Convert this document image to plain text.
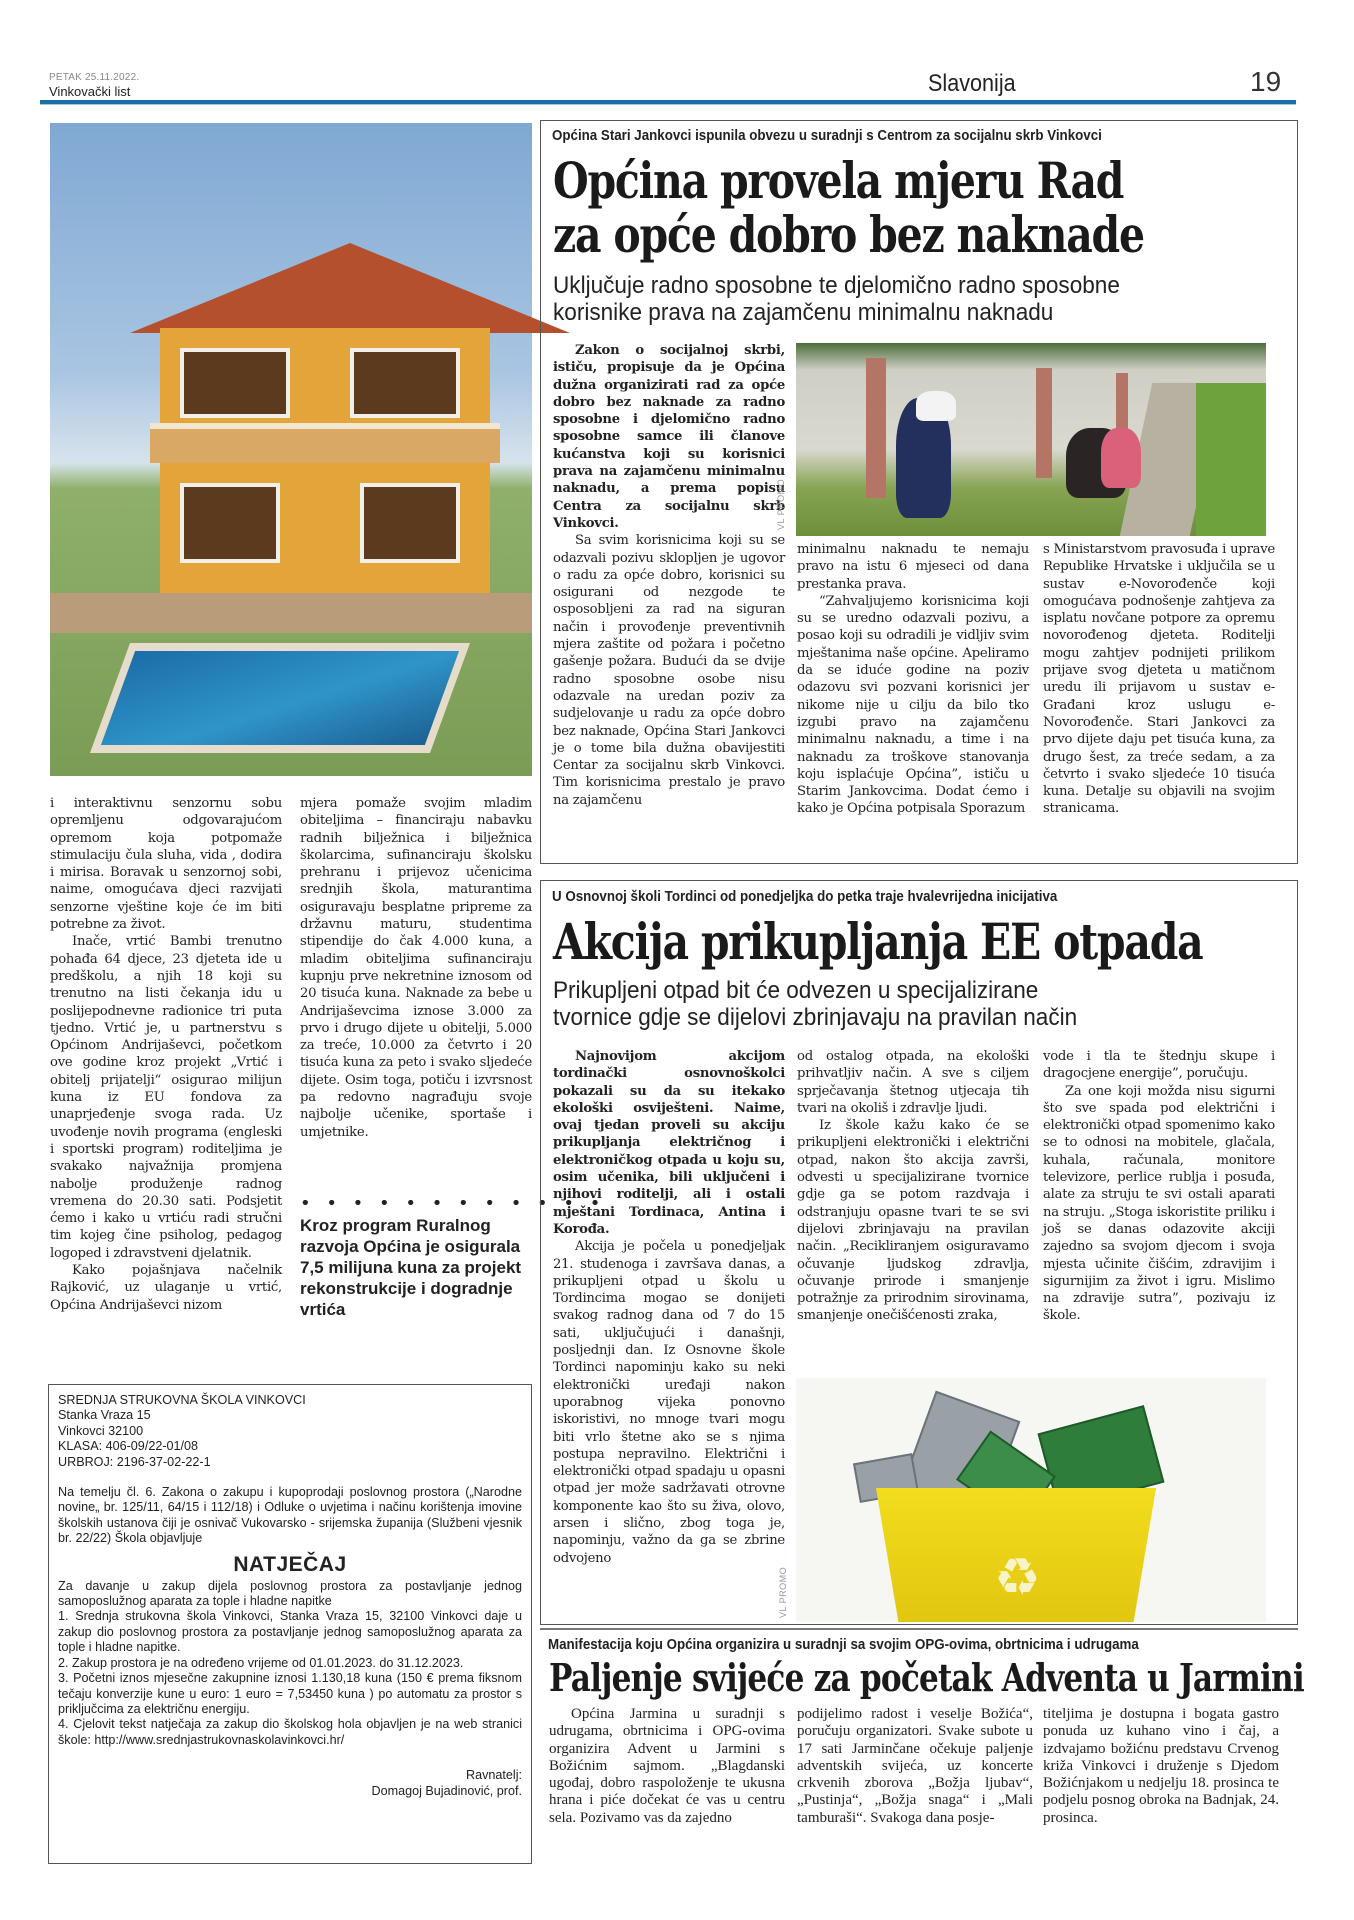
PETAK 25.11.2022.
Vinkovački list	Slavonija	19

i interaktivnu senzornu sobu opremljenu odgovarajućom opremom koja potpomaže stimulaciju čula sluha, vida , dodira i mirisa. Boravak u senzornoj sobi, naime, omogućava djeci razvijati senzorne vještine koje će im biti potrebne za život.

Inače, vrtić Bambi trenutno pohađa 64 djece, 23 djeteta ide u predškolu, a njih 18 koji su trenutno na listi čekanja idu u poslijepodnevne radionice tri puta tjedno. Vrtić je, u partnerstvu s Općinom Andrijaševci, početkom ove godine kroz projekt „Vrtić i obitelj prijatelji“ osigurao milijun kuna iz EU fondova za unaprjeđenje svoga rada. Uz uvođenje novih programa (engleski i sportski program) roditeljima je svakako najvažnija promjena nabolje produženje radnog vremena do 20.30 sati. Podsjetit ćemo i kako u vrtiću radi stručni tim kojeg čine psiholog, pedagog logoped i zdravstveni djelatnik.

Kako pojašnjava načelnik Rajković, uz ulaganje u vrtić, Općina Andrijaševci nizom

mjera pomaže svojim mladim obiteljima – financiraju nabavku radnih bilježnica i bilježnica školarcima, sufinanciraju školsku prehranu i prijevoz učenicima srednjih škola, maturantima osiguravaju besplatne pripreme za državnu maturu, studentima stipendije do čak 4.000 kuna, a mladim obiteljima sufinanciraju kupnju prve nekretnine iznosom od 20 tisuća kuna. Naknade za bebe u Andrijaševcima iznose 3.000 za prvo i drugo dijete u obitelji, 5.000 za treće, 10.000 za četvrto i 20 tisuća kuna za peto i svako sljedeće dijete. Osim toga, potiču i izvrsnost pa redovno nagrađuju svoje najbolje učenike, sportaše i umjetnike.

• • • • • • • • • • • •
Kroz program Ruralnog razvoja Općina je osigurala 7,5 milijuna kuna za projekt rekonstrukcije i dogradnje vrtića
Općina Stari Jankovci ispunila obvezu u suradnji s Centrom za socijalnu skrb Vinkovci
Općina provela mjeru Rad
za opće dobro bez naknade
Uključuje radno sposobne te djelomično radno sposobne
korisnike prava na zajamčenu minimalnu naknadu

Zakon o socijalnoj skrbi, ističu, propisuje da je Općina dužna organizirati rad za opće dobro bez naknade za radno sposobne i djelomično radno sposobne samce ili članove kućanstva koji su korisnici prava na zajamčenu minimalnu naknadu, a prema popisu Centra za socijalnu skrb Vinkovci.

Sa svim korisnicima koji su se odazvali pozivu sklopljen je ugovor o radu za opće dobro, korisnici su osigurani od nezgode te osposobljeni za rad na siguran način i provođenje preventivnih mjera zaštite od požara i početno gašenje požara. Budući da se dvije radno sposobne osobe nisu odazvale na uredan poziv za sudjelovanje u radu za opće dobro bez naknade, Općina Stari Jankovci je o tome bila dužna obavijestiti Centar za socijalnu skrb Vinkovci. Tim korisnicima prestalo je pravo na zajamčenu

VL PROMO

minimalnu naknadu te nemaju pravo na istu 6 mjeseci od dana prestanka prava.

“Zahvaljujemo korisnicima koji su se uredno odazvali pozivu, a posao koji su odradili je vidljiv svim mještanima naše općine. Apeliramo da se iduće godine na poziv odazovu svi pozvani korisnici jer nikome nije u cilju da bilo tko izgubi pravo na zajamčenu minimalnu naknadu, a time i na naknadu za troškove stanovanja koju isplaćuje Općina”, ističu u Starim Jankovcima. Dodat ćemo i kako je Općina potpisala Sporazum

s Ministarstvom pravosuđa i uprave Republike Hrvatske i uključila se u sustav e-Novorođenče koji omogućava podnošenje zahtjeva za isplatu novčane potpore za opremu novorođenog djeteta. Roditelji mogu zahtjev podnijeti prilikom prijave svog djeteta u matičnom uredu ili prijavom u sustav e-Građani kroz uslugu e-Novorođenče. Stari Jankovci za prvo dijete daju pet tisuća kuna, za drugo šest, za treće sedam, a za četvrto i svako sljedeće 10 tisuća kuna. Detalje su objavili na svojim stranicama.

U Osnovnoj školi Tordinci od ponedjeljka do petka traje hvalevrijedna inicijativa
Akcija prikupljanja EE otpada
Prikupljeni otpad bit će odvezen u specijalizirane
tvornice gdje se dijelovi zbrinjavaju na pravilan način

Najnovijom akcijom tordinački osnovnoškolci pokazali su da su itekako ekološki osviješteni. Naime, ovaj tjedan proveli su akciju prikupljanja električnog i elektroničkog otpada u koju su, osim učenika, bili uključeni i njihovi roditelji, ali i ostali mještani Tordinaca, Antina i Korođa.

Akcija je počela u ponedjeljak 21. studenoga i završava danas, a prikupljeni otpad u školu u Tordincima mogao se donijeti svakog radnog dana od 7 do 15 sati, uključujući i današnji, posljednji dan. Iz Osnovne škole Tordinci napominju kako su neki elektronički uređaji nakon uporabnog vijeka ponovno iskoristivi, no mnoge tvari mogu biti vrlo štetne ako se s njima postupa nepravilno. Električni i elektronički otpad spadaju u opasni otpad jer može sadržavati otrovne komponente kao što su živa, olovo, arsen i slično, zbog toga je, napominju, važno da ga se zbrine odvojeno

od ostalog otpada, na ekološki prihvatljiv način. A sve s ciljem sprječavanja štetnog utjecaja tih tvari na okoliš i zdravlje ljudi.

Iz škole kažu kako će se prikupljeni elektronički i električni otpad, nakon što akcija završi, odvesti u specijalizirane tvornice gdje ga se potom razdvaja i odstranjuju opasne tvari te se svi dijelovi zbrinjavaju na pravilan način. „Recikliranjem osiguravamo očuvanje ljudskog zdravlja, očuvanje prirode i smanjenje potražnje za prirodnim sirovinama, smanjenje onečišćenosti zraka,

vode i tla te štednju skupe i dragocjene energije”, poručuju.

Za one koji možda nisu sigurni što sve spada pod električni i elektronički otpad spomenimo kako se to odnosi na mobitele, glačala, kuhala, računala, monitore televizore, perlice rublja i posuđa, alate za struju te svi ostali aparati na struju. „Stoga iskoristite priliku i još se danas odazovite akciji zajedno sa svojom djecom i svoja mjesta učinite čišćim, zdravijim i sigurnijim za život i igru. Mislimo na zdravije sutra”, pozivaju iz škole.

♻
VL PROMO
Manifestacija koju Općina organizira u suradnji sa svojim OPG-ovima, obrtnicima i udrugama
Paljenje svijeće za početak Adventa u Jarmini

Općina Jarmina u suradnji s udrugama, obrtnicima i OPG-ovima organizira Advent u Jarmini s Božićnim sajmom. „Blagdanski ugođaj, dobro raspoloženje te ukusna hrana i piće dočekat će vas u centru sela. Pozivamo vas da zajedno

podijelimo radost i veselje Božića“, poručuju organizatori. Svake subote u 17 sati Jarminčane očekuje paljenje adventskih svijeća, uz koncerte crkvenih zborova „Božja ljubav“, „Pustinja“, „Božja snaga“ i „Mali tamburaši“. Svakoga dana posje-

titeljima je dostupna i bogata gastro ponuda uz kuhano vino i čaj, a izdvajamo božićnu predstavu Crvenog križa Vinkovci i druženje s Djedom Božićnjakom u nedjelju 18. prosinca te podjelu posnog obroka na Badnjak, 24. prosinca.

SREDNJA STRUKOVNA ŠKOLA VINKOVCI
Stanka Vraza 15
Vinkovci 32100
KLASA: 406-09/22-01/08
URBROJ: 2196-37-02-22-1
Na temelju čl. 6. Zakona o zakupu i kupoprodaji poslovnog prostora („Narodne novine„ br. 125/11, 64/15 i 112/18) i Odluke o uvjetima i načinu korištenja imovine školskih ustanova čiji je osnivač Vukovarsko - srijemska županija (Službeni vjesnik br. 22/22) Škola objavljuje
NATJEČAJ
Za davanje u zakup dijela poslovnog prostora za postavljanje jednog samoposlužnog aparata za tople i hladne napitke
1. Srednja strukovna škola Vinkovci, Stanka Vraza 15, 32100 Vinkovci daje u zakup dio poslovnog prostora za postavljanje jednog samoposlužnog aparata za tople i hladne napitke.
2. Zakup prostora je na određeno vrijeme od 01.01.2023. do 31.12.2023.
3. Početni iznos mjesečne zakupnine iznosi 1.130,18 kuna (150 € prema fiksnom tečaju konverzije kune u euro: 1 euro = 7,53450 kuna ) po automatu za prostor s priključcima za električnu energiju.
4. Cjelovit tekst natječaja za zakup dio školskog hola objavljen je na web stranici škole: http://www.srednjastrukovnaskolavinkovci.hr/
Ravnatelj:
Domagoj Bujadinović, prof.
